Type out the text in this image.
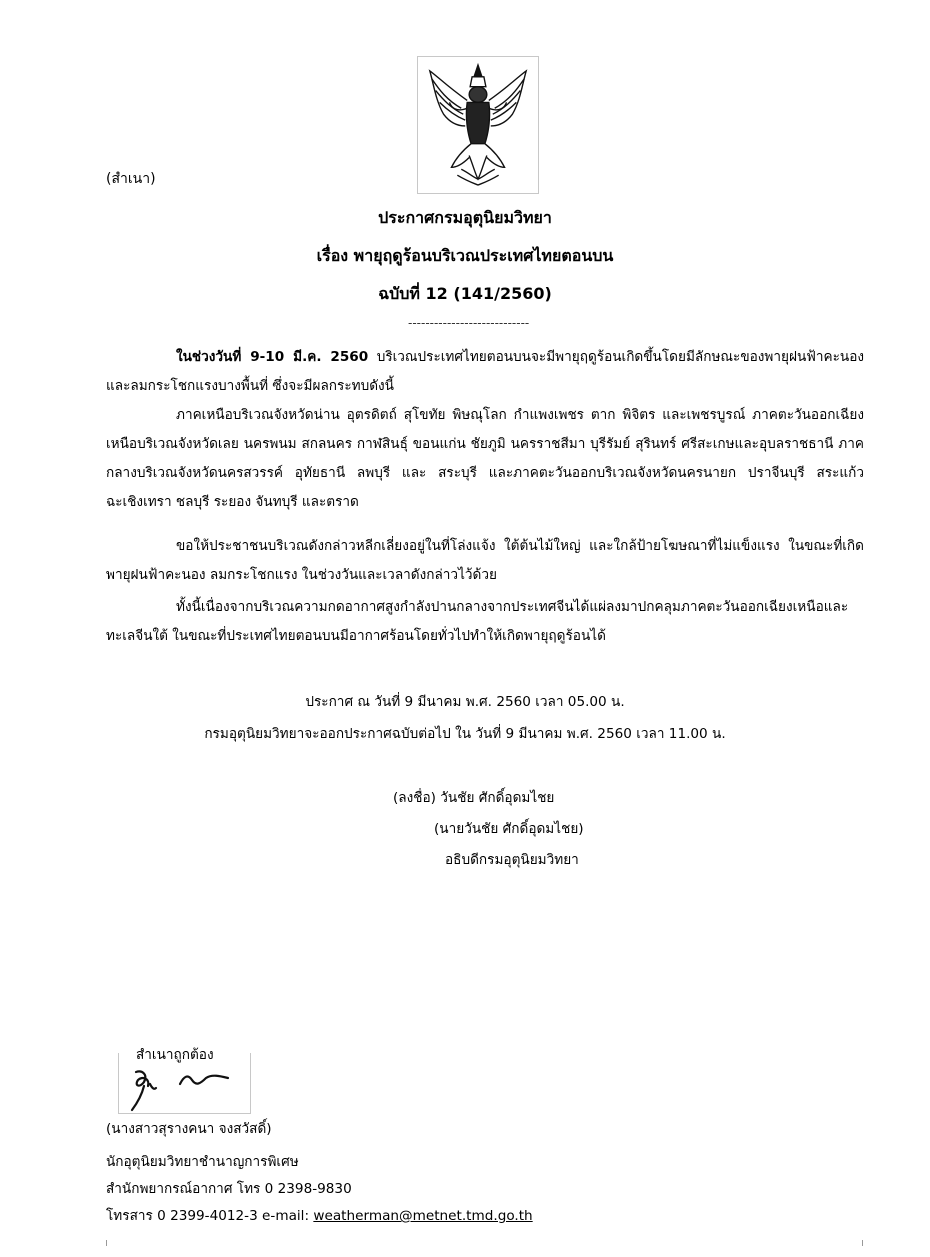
(สำเนา)
ประกาศกรมอุตุนิยมวิทยา
เรื่อง พายุฤดูร้อนบริเวณประเทศไทยตอนบน
ฉบับที่ 12 (141/2560)
----------------------------
ในช่วงวันที่ 9-10 มี.ค. 2560 บริเวณประเทศไทยตอนบนจะมีพายุฤดูร้อนเกิดขึ้นโดยมีลักษณะของพายุฝนฟ้าคะนองและลมกระโชกแรงบางพื้นที่ ซึ่งจะมีผลกระทบดังนี้
ภาคเหนือบริเวณจังหวัดน่าน อุตรดิตถ์ สุโขทัย พิษณุโลก กำแพงเพชร ตาก พิจิตร และเพชรบูรณ์ ภาคตะวันออกเฉียงเหนือบริเวณจังหวัดเลย นครพนม สกลนคร กาฬสินธุ์ ขอนแก่น ชัยภูมิ นครราชสีมา บุรีรัมย์ สุรินทร์ ศรีสะเกษและอุบลราชธานี ภาคกลางบริเวณจังหวัดนครสวรรค์ อุทัยธานี ลพบุรี และ สระบุรี และภาคตะวันออกบริเวณจังหวัดนครนายก ปราจีนบุรี สระแก้ว ฉะเชิงเทรา ชลบุรี ระยอง จันทบุรี และตราด
ขอให้ประชาชนบริเวณดังกล่าวหลีกเลี่ยงอยู่ในที่โล่งแจ้ง ใต้ต้นไม้ใหญ่ และใกล้ป้ายโฆษณาที่ไม่แข็งแรง ในขณะที่เกิดพายุฝนฟ้าคะนอง ลมกระโชกแรง ในช่วงวันและเวลาดังกล่าวไว้ด้วย
ทั้งนี้เนื่องจากบริเวณความกดอากาศสูงกำลังปานกลางจากประเทศจีนได้แผ่ลงมาปกคลุมภาคตะวันออกเฉียงเหนือและทะเลจีนใต้ ในขณะที่ประเทศไทยตอนบนมีอากาศร้อนโดยทั่วไปทำให้เกิดพายุฤดูร้อนได้
ประกาศ ณ วันที่ 9 มีนาคม พ.ศ. 2560 เวลา 05.00 น.
กรมอุตุนิยมวิทยาจะออกประกาศฉบับต่อไป ใน วันที่ 9 มีนาคม พ.ศ. 2560 เวลา 11.00 น.
(ลงชื่อ) วันชัย ศักดิ์อุดมไชย
(นายวันชัย ศักดิ์อุดมไชย)
อธิบดีกรมอุตุนิยมวิทยา
สำเนาถูกต้อง
(นางสาวสุรางคนา จงสวัสดิ์)
นักอุตุนิยมวิทยาชำนาญการพิเศษ
สำนักพยากรณ์อากาศ โทร 0 2398-9830
โทรสาร 0 2399-4012-3 e-mail: weatherman@metnet.tmd.go.th
